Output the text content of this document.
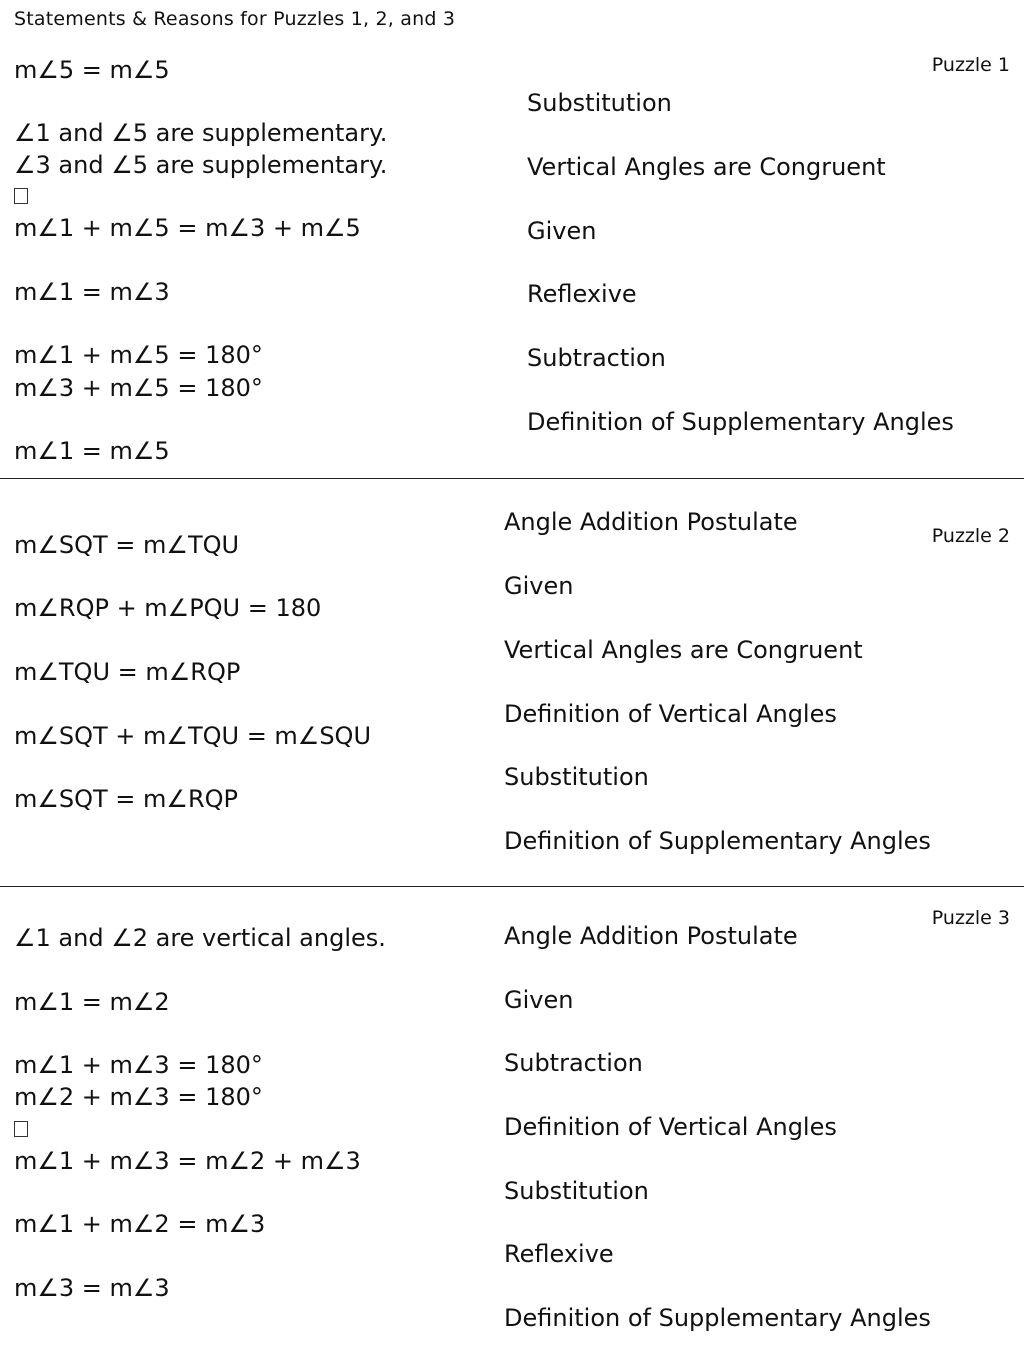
Statements & Reasons for Puzzles 1, 2, and 3
Puzzle 1
m∠5 = m∠5
∠1 and ∠5 are supplementary.
∠3 and ∠5 are supplementary.
m∠1 + m∠5 = m∠3 + m∠5
m∠1 = m∠3
m∠1 + m∠5 = 180°
m∠3 + m∠5 = 180°
m∠1 = m∠5
Substitution
Vertical Angles are Congruent
Given
Reflexive
Subtraction
Definition of Supplementary Angles
Puzzle 2
m∠SQT = m∠TQU
m∠RQP + m∠PQU = 180
m∠TQU = m∠RQP
m∠SQT + m∠TQU = m∠SQU
m∠SQT = m∠RQP
Angle Addition Postulate
Given
Vertical Angles are Congruent
Definition of Vertical Angles
Substitution
Definition of Supplementary Angles
Puzzle 3
∠1 and ∠2 are vertical angles.
m∠1 = m∠2
m∠1 + m∠3 = 180°
m∠2 + m∠3 = 180°
m∠1 + m∠3 = m∠2 + m∠3
m∠1 + m∠2 = m∠3
m∠3 = m∠3
Angle Addition Postulate
Given
Subtraction
Definition of Vertical Angles
Substitution
Reflexive
Definition of Supplementary Angles
